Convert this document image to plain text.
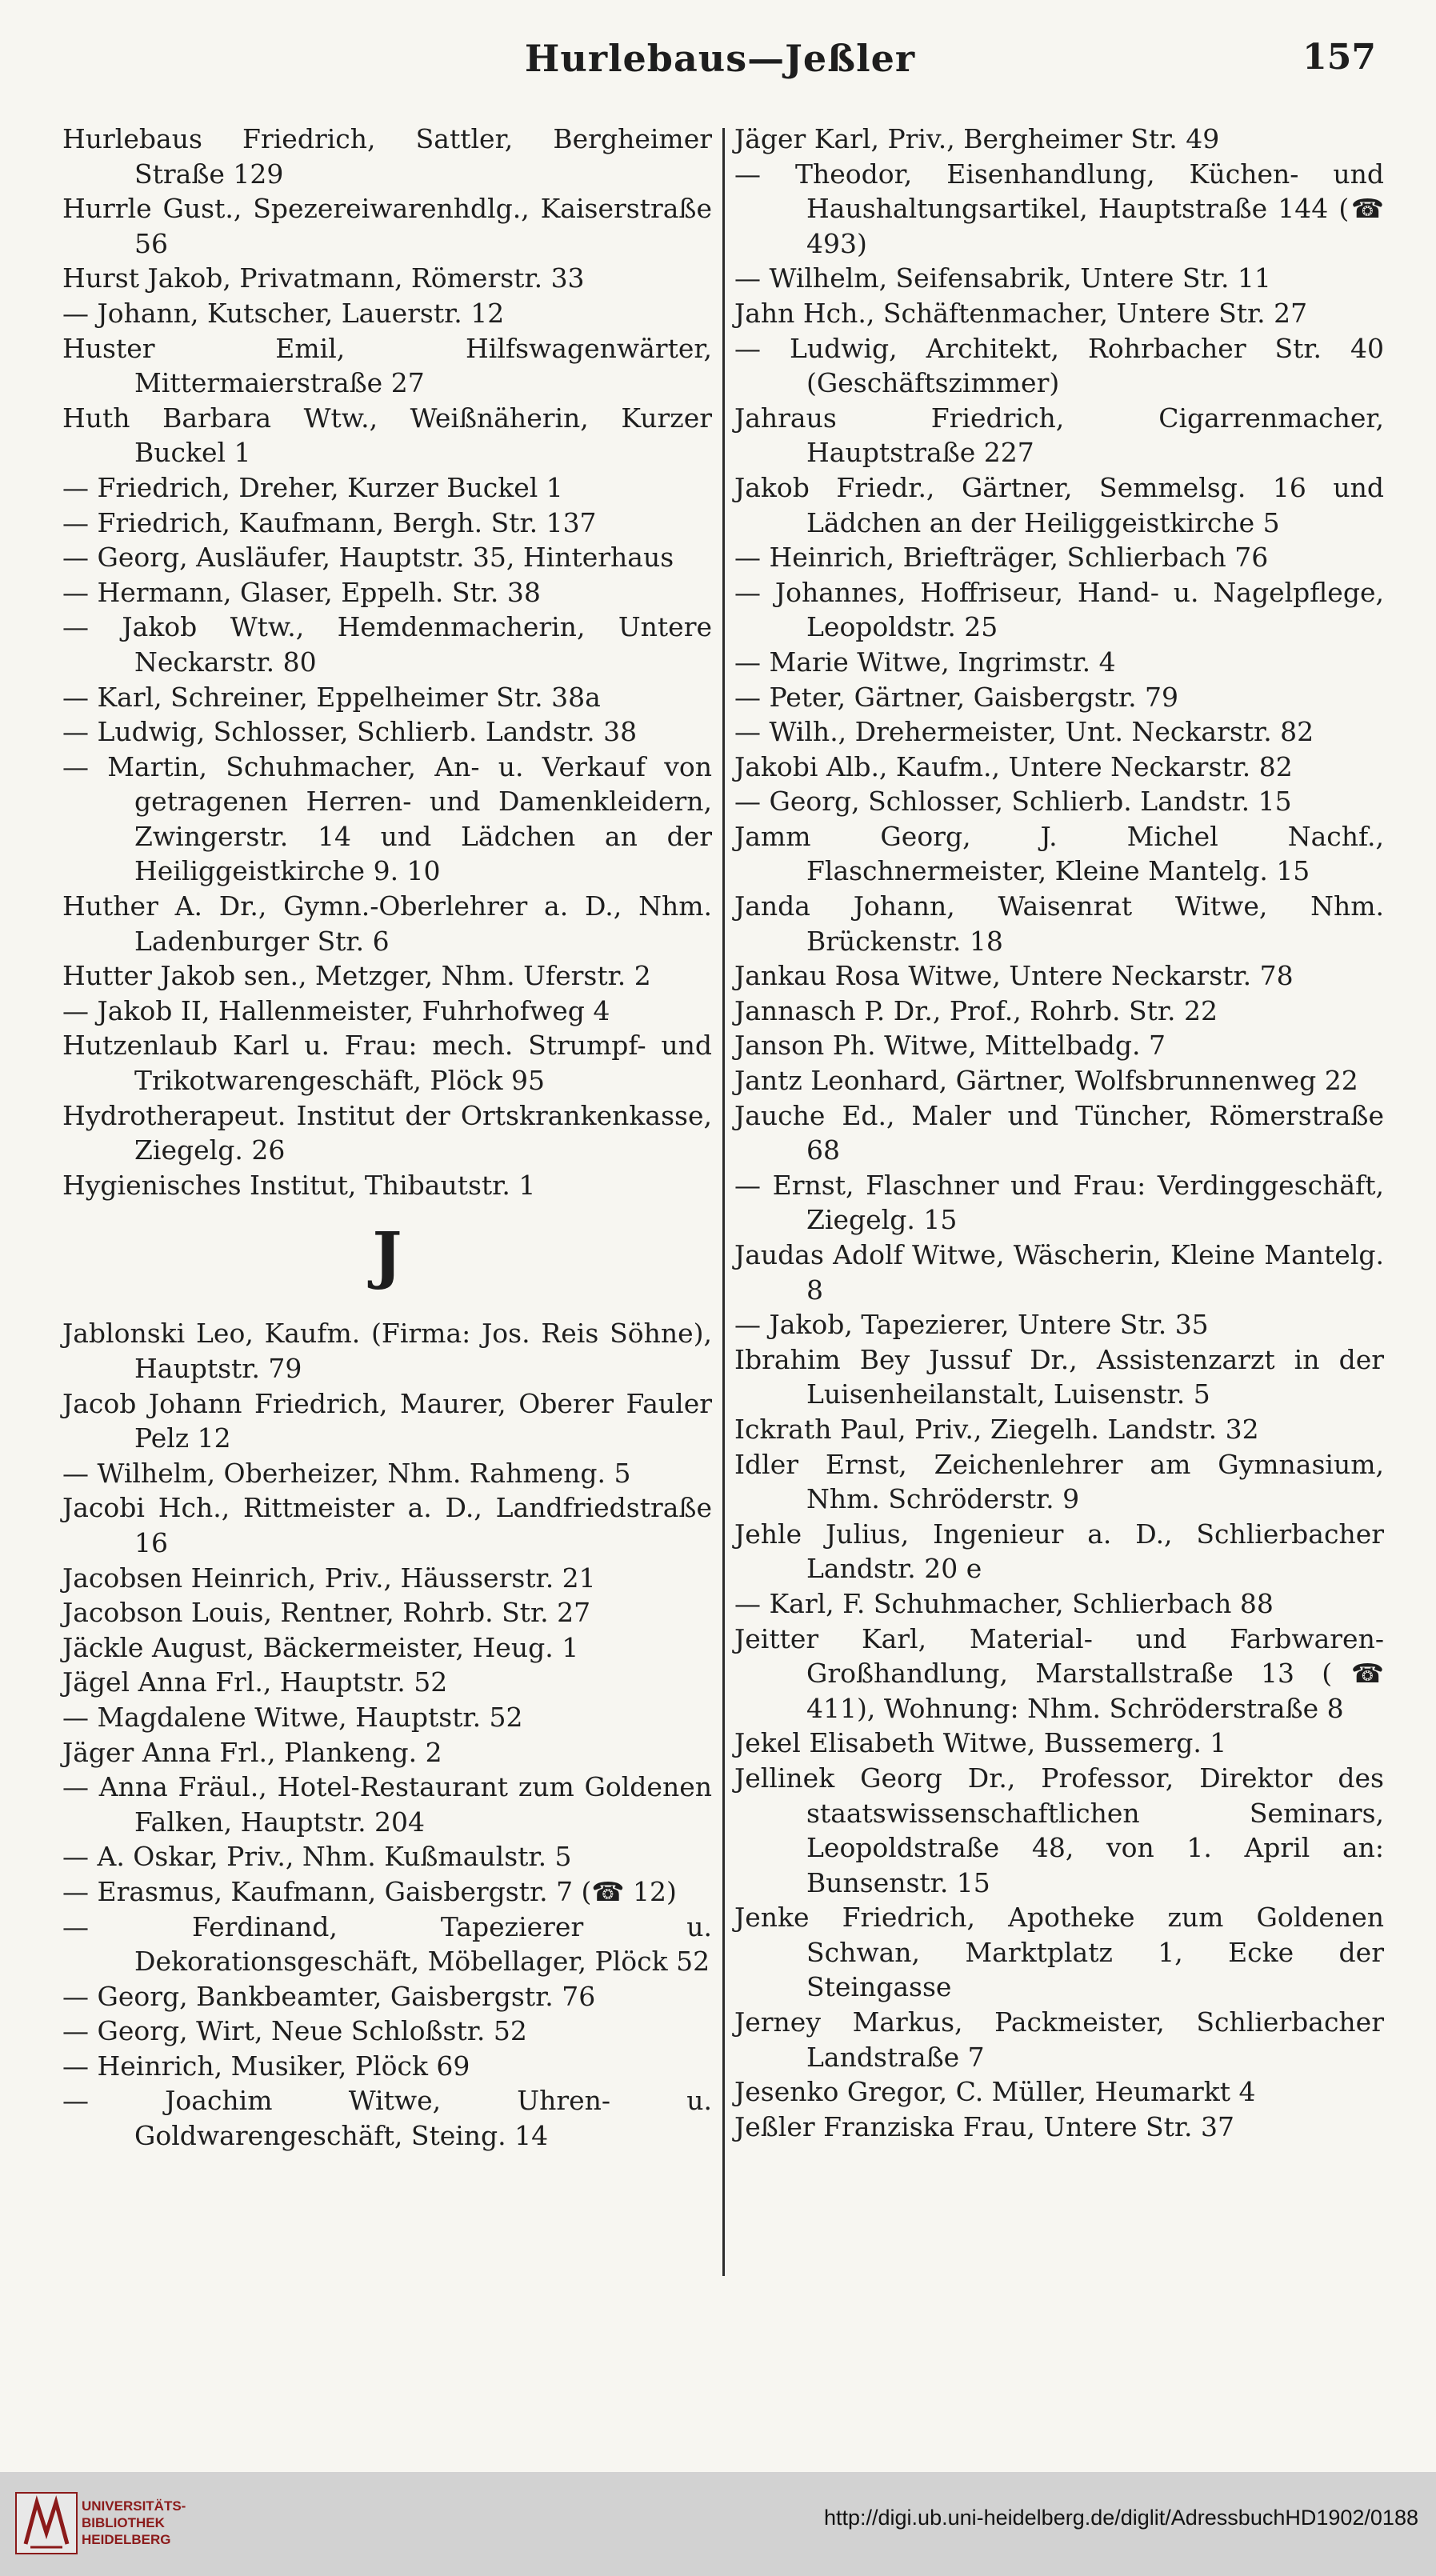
Hurlebaus—Jeßler	157
Hurlebaus Friedrich, Sattler, Bergheimer Straße 129
Hurrle Gust., Spezereiwarenhdlg., Kaiserstraße 56
Hurst Jakob, Privatmann, Römerstr. 33
— Johann, Kutscher, Lauerstr. 12
Huster Emil, Hilfswagenwärter, Mittermaierstraße 27
Huth Barbara Wtw., Weißnäherin, Kurzer Buckel 1
— Friedrich, Dreher, Kurzer Buckel 1
— Friedrich, Kaufmann, Bergh. Str. 137
— Georg, Ausläufer, Hauptstr. 35, Hinterhaus
— Hermann, Glaser, Eppelh. Str. 38
— Jakob Wtw., Hemdenmacherin, Untere Neckarstr. 80
— Karl, Schreiner, Eppelheimer Str. 38a
— Ludwig, Schlosser, Schlierb. Landstr. 38
— Martin, Schuhmacher, An- u. Verkauf von getragenen Herren- und Damenkleidern, Zwingerstr. 14 und Lädchen an der Heiliggeistkirche 9. 10
Huther A. Dr., Gymn.-Oberlehrer a. D., Nhm. Ladenburger Str. 6
Hutter Jakob sen., Metzger, Nhm. Uferstr. 2
— Jakob II, Hallenmeister, Fuhrhofweg 4
Hutzenlaub Karl u. Frau: mech. Strumpf- und Trikotwarengeschäft, Plöck 95
Hydrotherapeut. Institut der Ortskrankenkasse, Ziegelg. 26
Hygienisches Institut, Thibautstr. 1
J
Jablonski Leo, Kaufm. (Firma: Jos. Reis Söhne), Hauptstr. 79
Jacob Johann Friedrich, Maurer, Oberer Fauler Pelz 12
— Wilhelm, Oberheizer, Nhm. Rahmeng. 5
Jacobi Hch., Rittmeister a. D., Landfriedstraße 16
Jacobsen Heinrich, Priv., Häusserstr. 21
Jacobson Louis, Rentner, Rohrb. Str. 27
Jäckle August, Bäckermeister, Heug. 1
Jägel Anna Frl., Hauptstr. 52
— Magdalene Witwe, Hauptstr. 52
Jäger Anna Frl., Plankeng. 2
— Anna Fräul., Hotel-Restaurant zum Goldenen Falken, Hauptstr. 204
— A. Oskar, Priv., Nhm. Kußmaulstr. 5
— Erasmus, Kaufmann, Gaisbergstr. 7 (☎ 12)
— Ferdinand, Tapezierer u. Dekorationsgeschäft, Möbellager, Plöck 52
— Georg, Bankbeamter, Gaisbergstr. 76
— Georg, Wirt, Neue Schloßstr. 52
— Heinrich, Musiker, Plöck 69
— Joachim Witwe, Uhren- u. Goldwarengeschäft, Steing. 14
Jäger Karl, Priv., Bergheimer Str. 49
— Theodor, Eisenhandlung, Küchen- und Haushaltungsartikel, Hauptstraße 144 (☎ 493)
— Wilhelm, Seifensabrik, Untere Str. 11
Jahn Hch., Schäftenmacher, Untere Str. 27
— Ludwig, Architekt, Rohrbacher Str. 40 (Geschäftszimmer)
Jahraus Friedrich, Cigarrenmacher, Hauptstraße 227
Jakob Friedr., Gärtner, Semmelsg. 16 und Lädchen an der Heiliggeistkirche 5
— Heinrich, Briefträger, Schlierbach 76
— Johannes, Hoffriseur, Hand- u. Nagelpflege, Leopoldstr. 25
— Marie Witwe, Ingrimstr. 4
— Peter, Gärtner, Gaisbergstr. 79
— Wilh., Drehermeister, Unt. Neckarstr. 82
Jakobi Alb., Kaufm., Untere Neckarstr. 82
— Georg, Schlosser, Schlierb. Landstr. 15
Jamm Georg, J. Michel Nachf., Flaschnermeister, Kleine Mantelg. 15
Janda Johann, Waisenrat Witwe, Nhm. Brückenstr. 18
Jankau Rosa Witwe, Untere Neckarstr. 78
Jannasch P. Dr., Prof., Rohrb. Str. 22
Janson Ph. Witwe, Mittelbadg. 7
Jantz Leonhard, Gärtner, Wolfsbrunnenweg 22
Jauche Ed., Maler und Tüncher, Römerstraße 68
— Ernst, Flaschner und Frau: Verdinggeschäft, Ziegelg. 15
Jaudas Adolf Witwe, Wäscherin, Kleine Mantelg. 8
— Jakob, Tapezierer, Untere Str. 35
Ibrahim Bey Jussuf Dr., Assistenzarzt in der Luisenheilanstalt, Luisenstr. 5
Ickrath Paul, Priv., Ziegelh. Landstr. 32
Idler Ernst, Zeichenlehrer am Gymnasium, Nhm. Schröderstr. 9
Jehle Julius, Ingenieur a. D., Schlierbacher Landstr. 20 e
— Karl, F. Schuhmacher, Schlierbach 88
Jeitter Karl, Material- und Farbwaren-Großhandlung, Marstallstraße 13 (☎ 411), Wohnung: Nhm. Schröderstraße 8
Jekel Elisabeth Witwe, Bussemerg. 1
Jellinek Georg Dr., Professor, Direktor des staatswissenschaftlichen Seminars, Leopoldstraße 48, von 1. April an: Bunsenstr. 15
Jenke Friedrich, Apotheke zum Goldenen Schwan, Marktplatz 1, Ecke der Steingasse
Jerney Markus, Packmeister, Schlierbacher Landstraße 7
Jesenko Gregor, C. Müller, Heumarkt 4
Jeßler Franziska Frau, Untere Str. 37
UNIVERSITÄTS-
BIBLIOTHEK
HEIDELBERG
http://digi.ub.uni-heidelberg.de/diglit/AdressbuchHD1902/0188
